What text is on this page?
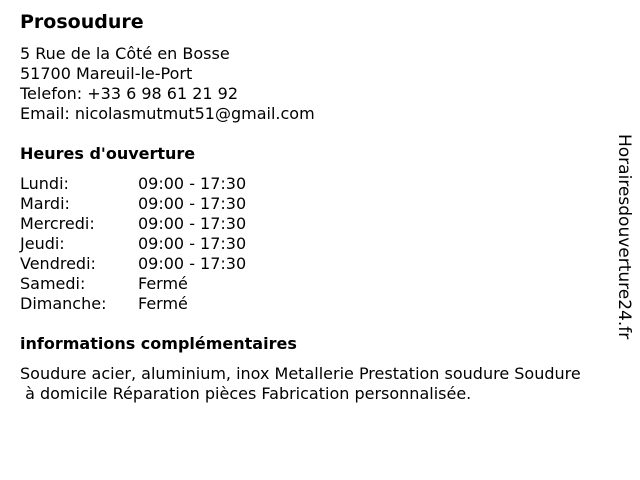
Prosoudure
5 Rue de la Côté en Bosse
51700 Mareuil-le-Port
Telefon: +33 6 98 61 21 92
Email: nicolasmutmut51@gmail.com
Heures d'ouverture
Lundi:	09:00 - 17:30
Mardi:	09:00 - 17:30
Mercredi:	09:00 - 17:30
Jeudi:	09:00 - 17:30
Vendredi:	09:00 - 17:30
Samedi:	Fermé
Dimanche: Fermé
informations complémentaires
Soudure acier, aluminium, inox Metallerie Prestation soudure Soudure
à domicile Réparation pièces Fabrication personnalisée.
Horairesdouverture24.fr
